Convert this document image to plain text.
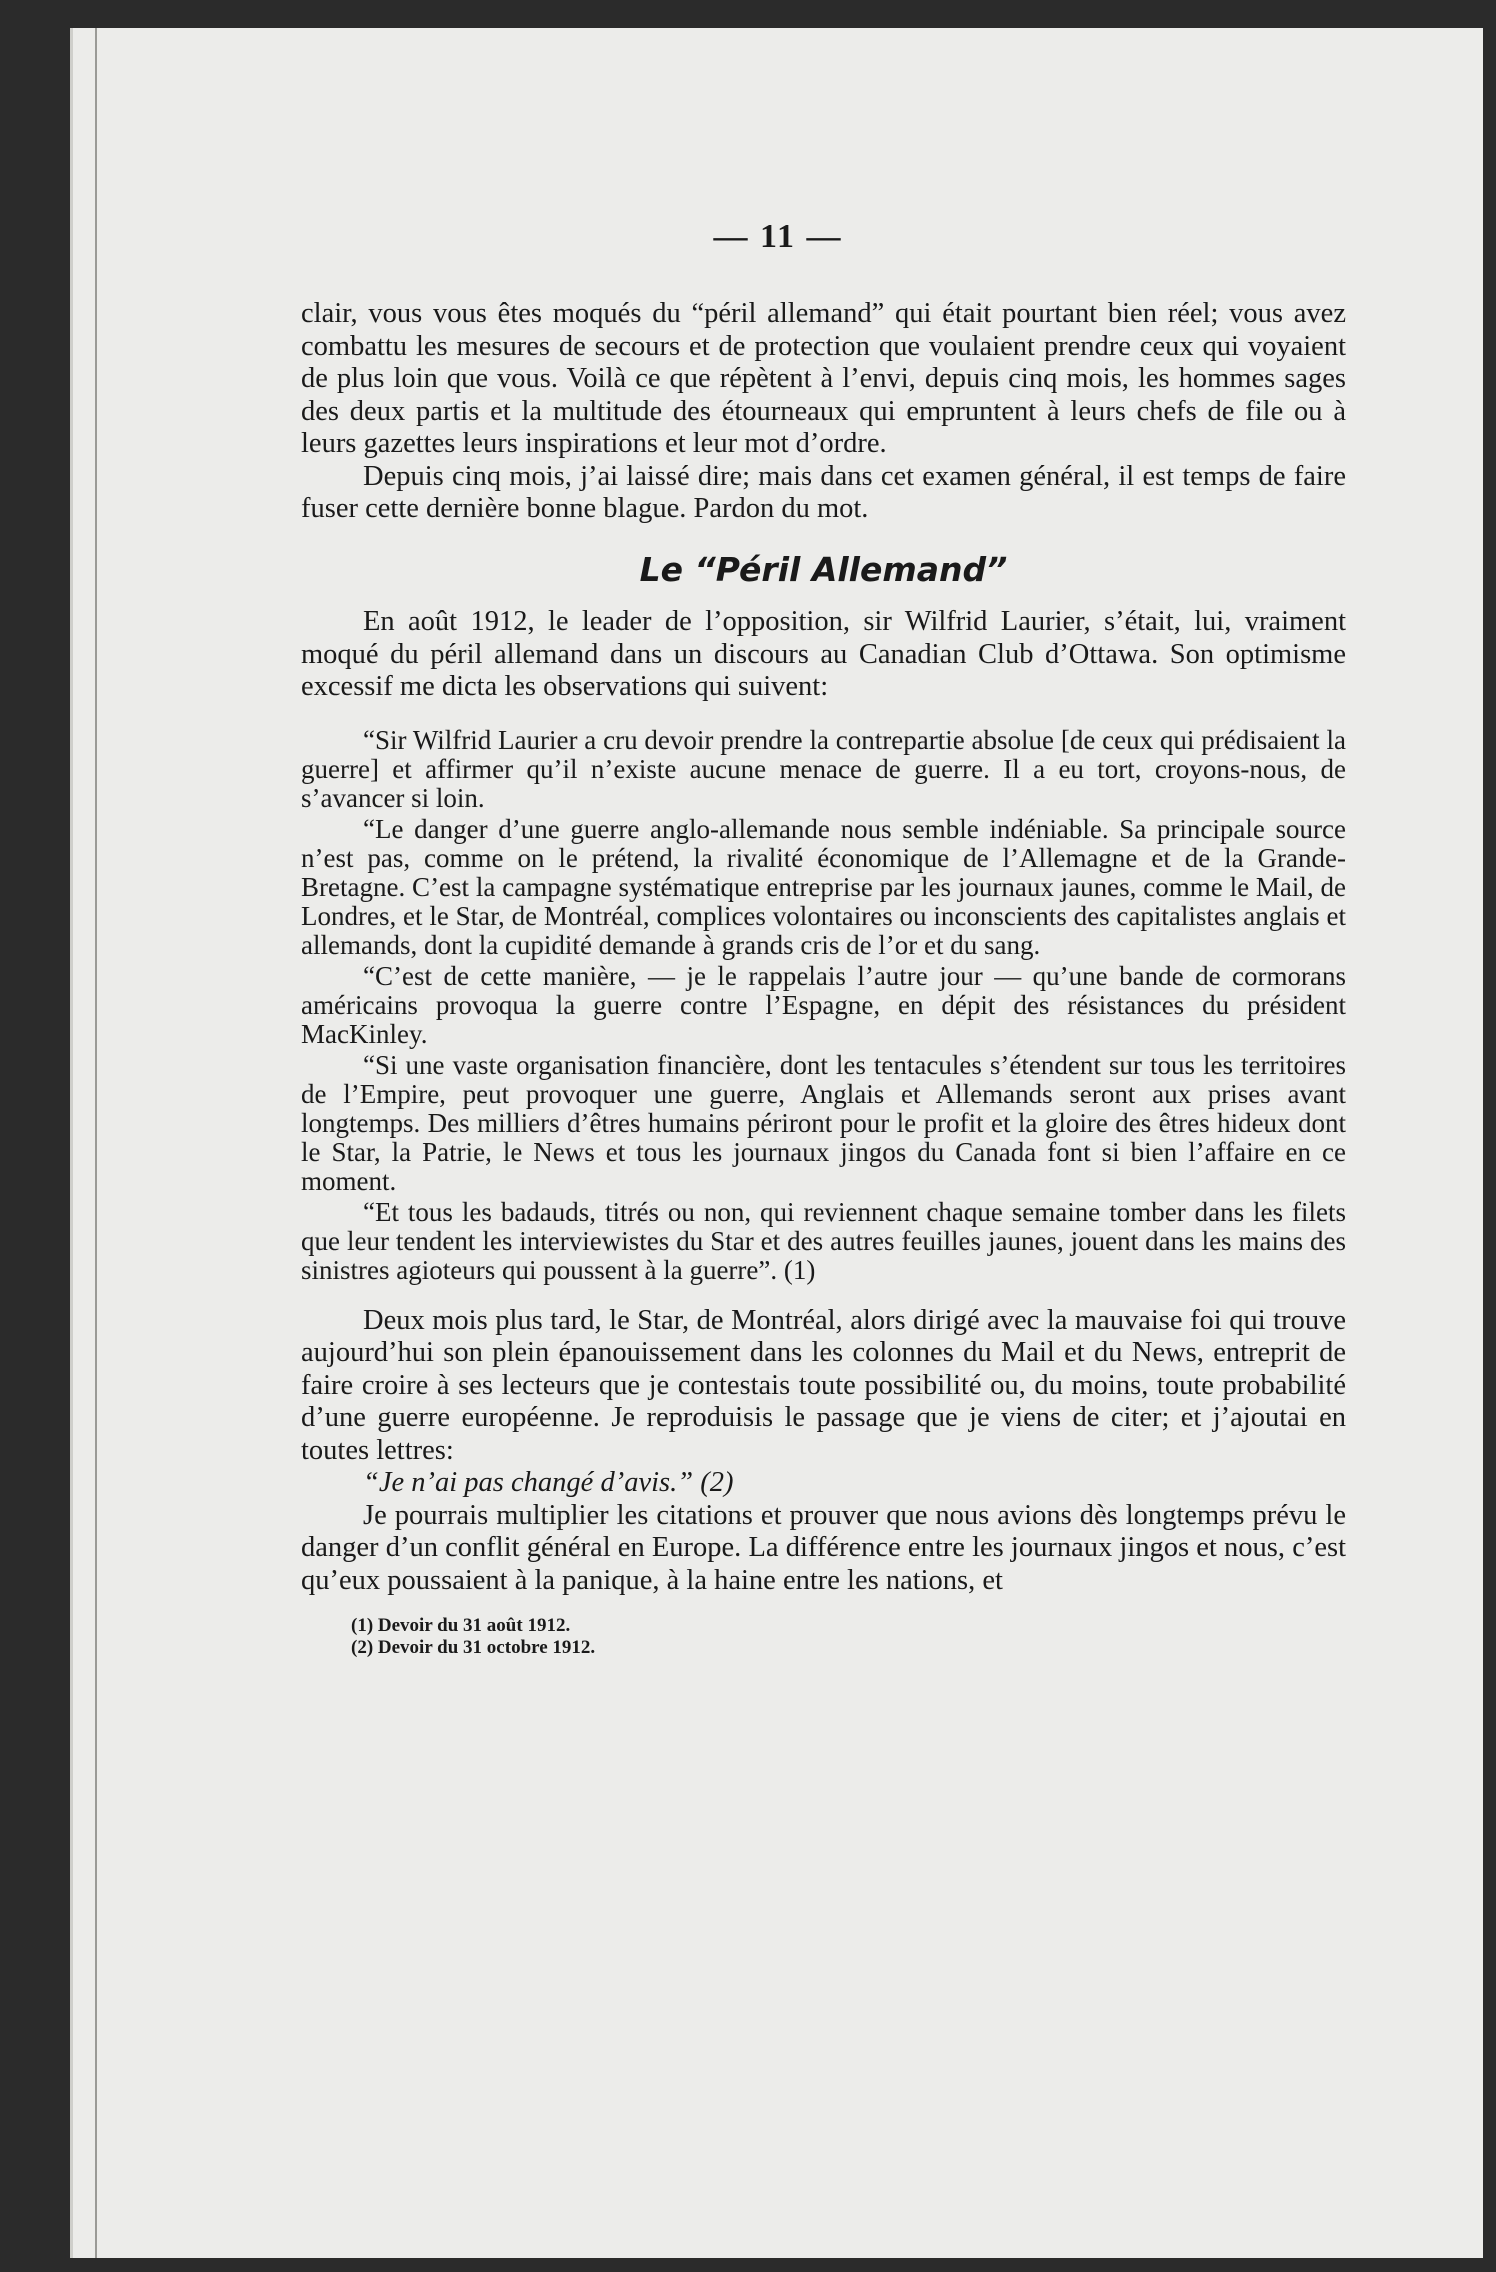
— 11 —

clair, vous vous êtes moqués du “péril allemand” qui était pourtant bien réel; vous avez combattu les mesures de secours et de protection que voulaient prendre ceux qui voyaient de plus loin que vous. Voilà ce que répètent à l’envi, depuis cinq mois, les hommes sages des deux partis et la multitude des étourneaux qui empruntent à leurs chefs de file ou à leurs gazettes leurs inspirations et leur mot d’ordre.

Depuis cinq mois, j’ai laissé dire; mais dans cet examen général, il est temps de faire fuser cette dernière bonne blague. Pardon du mot.

Le “Péril Allemand”

En août 1912, le leader de l’opposition, sir Wilfrid Laurier, s’était, lui, vraiment moqué du péril allemand dans un discours au Canadian Club d’Ottawa. Son optimisme excessif me dicta les observations qui suivent:

“Sir Wilfrid Laurier a cru devoir prendre la contrepartie absolue [de ceux qui prédisaient la guerre] et affirmer qu’il n’existe aucune menace de guerre. Il a eu tort, croyons-nous, de s’avancer si loin.

“Le danger d’une guerre anglo-allemande nous semble indéniable. Sa principale source n’est pas, comme on le prétend, la rivalité économique de l’Allemagne et de la Grande-Bretagne. C’est la campagne systématique entreprise par les journaux jaunes, comme le Mail, de Londres, et le Star, de Montréal, complices volontaires ou inconscients des capitalistes anglais et allemands, dont la cupidité demande à grands cris de l’or et du sang.

“C’est de cette manière, — je le rappelais l’autre jour — qu’une bande de cormorans américains provoqua la guerre contre l’Espagne, en dépit des résistances du président MacKinley.

“Si une vaste organisation financière, dont les tentacules s’étendent sur tous les territoires de l’Empire, peut provoquer une guerre, Anglais et Allemands seront aux prises avant longtemps. Des milliers d’êtres humains périront pour le profit et la gloire des êtres hideux dont le Star, la Patrie, le News et tous les journaux jingos du Canada font si bien l’affaire en ce moment.

“Et tous les badauds, titrés ou non, qui reviennent chaque semaine tomber dans les filets que leur tendent les interviewistes du Star et des autres feuilles jaunes, jouent dans les mains des sinistres agioteurs qui poussent à la guerre”. (1)

Deux mois plus tard, le Star, de Montréal, alors dirigé avec la mauvaise foi qui trouve aujourd’hui son plein épanouissement dans les colonnes du Mail et du News, entreprit de faire croire à ses lecteurs que je contestais toute possibilité ou, du moins, toute probabilité d’une guerre européenne. Je reproduisis le passage que je viens de citer; et j’ajoutai en toutes lettres:

“Je n’ai pas changé d’avis.” (2)

Je pourrais multiplier les citations et prouver que nous avions dès longtemps prévu le danger d’un conflit général en Europe. La différence entre les journaux jingos et nous, c’est qu’eux poussaient à la panique, à la haine entre les nations, et

(1) Devoir du 31 août 1912.
(2) Devoir du 31 octobre 1912.
